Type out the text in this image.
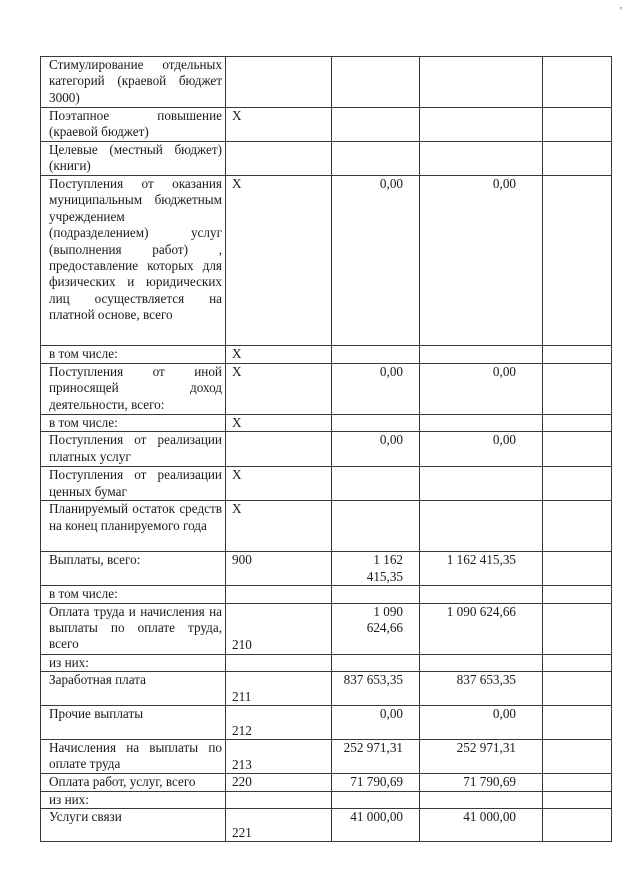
'
Стимулирование отдельных категорий (краевой бюджет 3000)				
Поэтапное повышение (краевой бюджет)	X			
Целевые (местный бюджет)(книги)				
Поступления от оказания муниципальным бюджетным учреждением (подразделением) услуг (выполнения работ) , предоставление которых для физических и юридических лиц осуществляется на платной основе, всего	X	0,00	0,00	
в том числе:	X			
Поступления от иной приносящей доход деятельности, всего:	X	0,00	0,00	
в том числе:	X			
Поступления от реализации платных услуг		0,00	0,00	
Поступления от реализации ценных бумаг	X			
Планируемый остаток средств на конец планируемого года	X			
Выплаты, всего:	900	1 162 415,35	1 162 415,35	
в том числе:				
Оплата труда и начисления на выплаты по оплате труда, всего	210	1 090 624,66	1 090 624,66	
из них:				
Заработная плата	211	837 653,35	837 653,35	
Прочие выплаты	212	0,00	0,00	
Начисления на выплаты по оплате труда	213	252 971,31	252 971,31	
Оплата работ, услуг, всего	220	71 790,69	71 790,69	
из них:				
Услуги связи	221	41 000,00	41 000,00	
